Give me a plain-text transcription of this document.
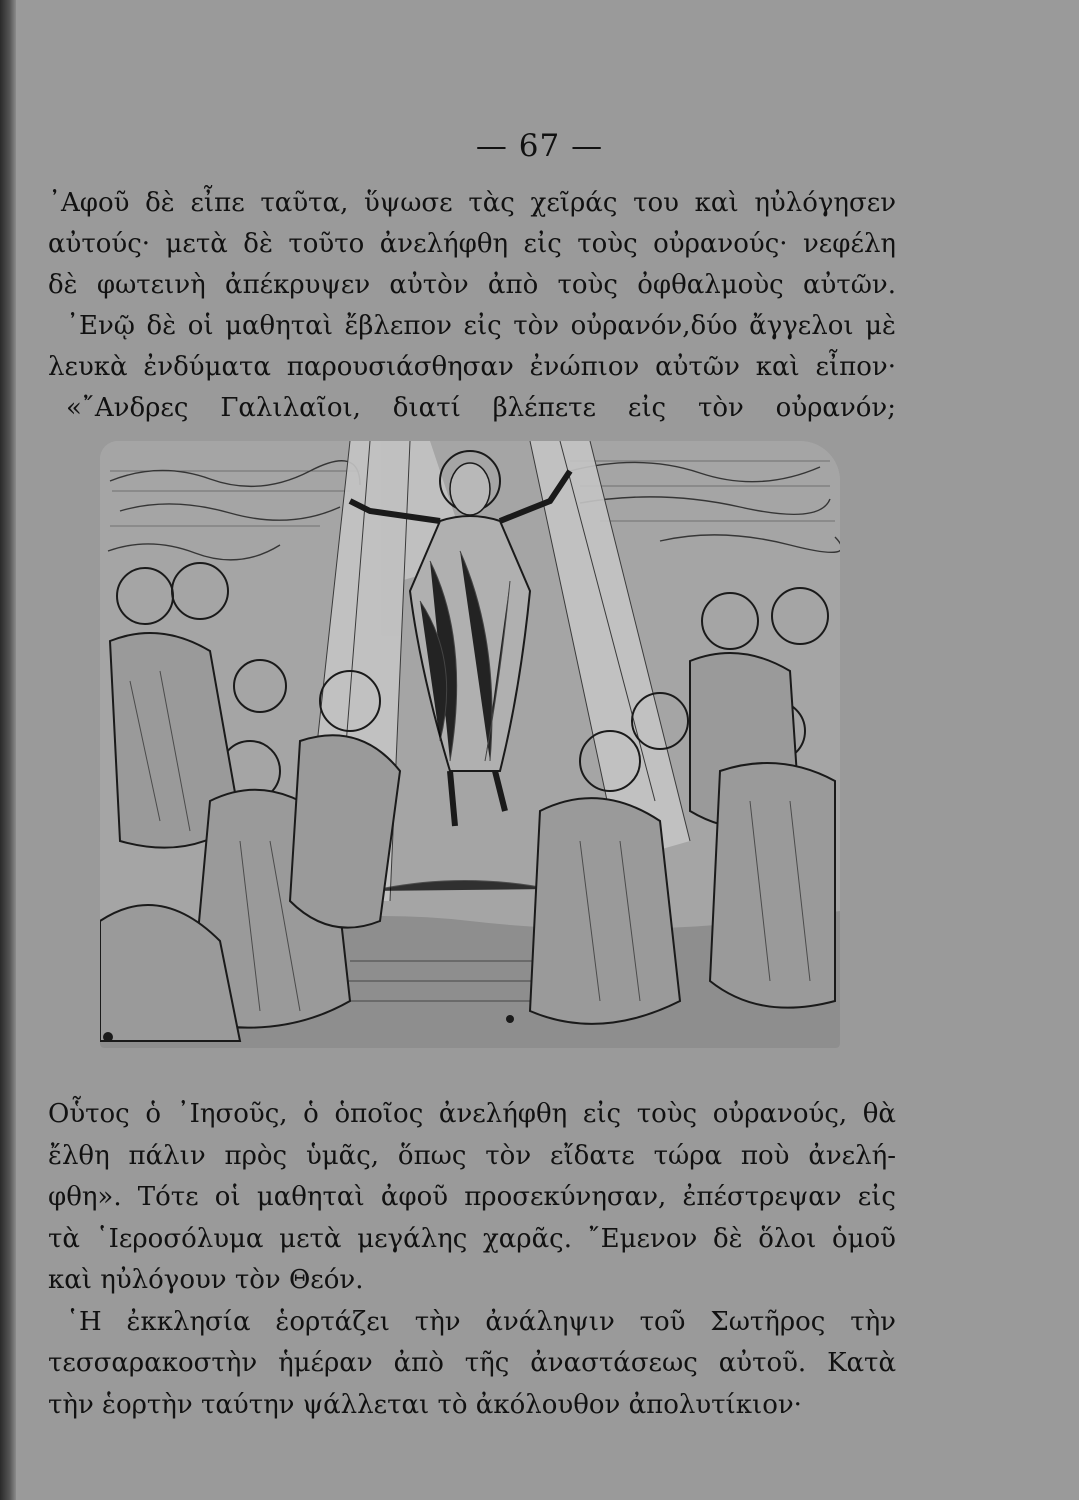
— 67 —
᾿Αφοῦ δὲ εἶπε ταῦτα, ὕψωσε τὰς χεῖράς του καὶ ηὐλόγησεν
αὐτούς· μετὰ δὲ τοῦτο ἀνελήφθη εἰς τοὺς οὐρανούς· νεφέλη
δὲ φωτεινὴ ἀπέκρυψεν αὐτὸν ἀπὸ τοὺς ὀφθαλμοὺς αὐτῶν.
᾿Ενῷ δὲ οἱ μαθηταὶ ἔβλεπον εἰς τὸν οὐρανόν,δύο ἄγγελοι μὲ
λευκὰ ἐνδύματα παρουσιάσθησαν ἐνώπιον αὐτῶν καὶ εἶπον·
«῎Ανδρες Γαλιλαῖοι, διατί βλέπετε εἰς τὸν οὐρανόν;
Οὗτος ὁ ᾿Ιησοῦς, ὁ ὁποῖος ἀνελήφθη εἰς τοὺς οὐρανούς, θὰ
ἔλθη πάλιν πρὸς ὑμᾶς, ὅπως τὸν εἴδατε τώρα ποὺ ἀνελή-
φθη». Τότε οἱ μαθηταὶ ἀφοῦ προσεκύνησαν, ἐπέστρεψαν εἰς
τὰ ῾Ιεροσόλυμα μετὰ μεγάλης χαρᾶς. ῎Εμενον δὲ ὅλοι ὁμοῦ
καὶ ηὐλόγουν τὸν Θεόν.
῾Η ἐκκλησία ἑορτάζει τὴν ἀνάληψιν τοῦ Σωτῆρος τὴν
τεσσαρακοστὴν ἡμέραν ἀπὸ τῆς ἀναστάσεως αὐτοῦ. Κατὰ
τὴν ἑορτὴν ταύτην ψάλλεται τὸ ἀκόλουθον ἀπολυτίκιον·
